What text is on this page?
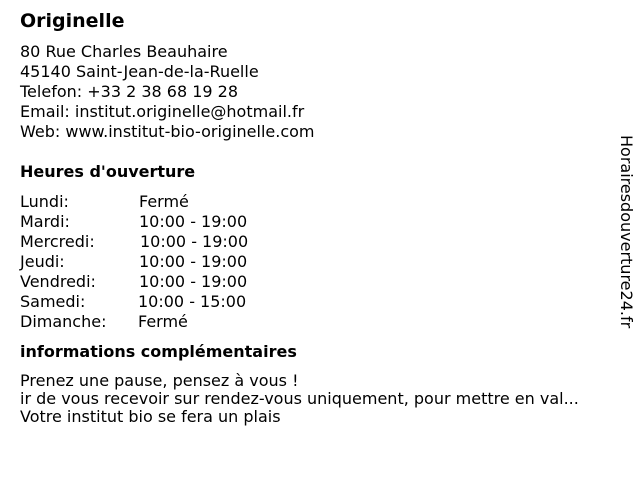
Originelle
80 Rue Charles Beauhaire
45140 Saint-Jean-de-la-Ruelle
Telefon: +33 2 38 68 19 28
Email: institut.originelle@hotmail.fr
Web: www.institut-bio-originelle.com
Heures d'ouverture
Lundi:	Fermé
Mardi:	10:00 - 19:00
Mercredi:	10:00 - 19:00
Jeudi:	10:00 - 19:00
Vendredi:	10:00 - 19:00
Samedi:	10:00 - 15:00
Dimanche:	Fermé
informations complémentaires
Prenez une pause, pensez à vous !
ir de vous recevoir sur rendez-vous uniquement, pour mettre en val...
Votre institut bio se fera un plais
Horairesdouverture24.fr
